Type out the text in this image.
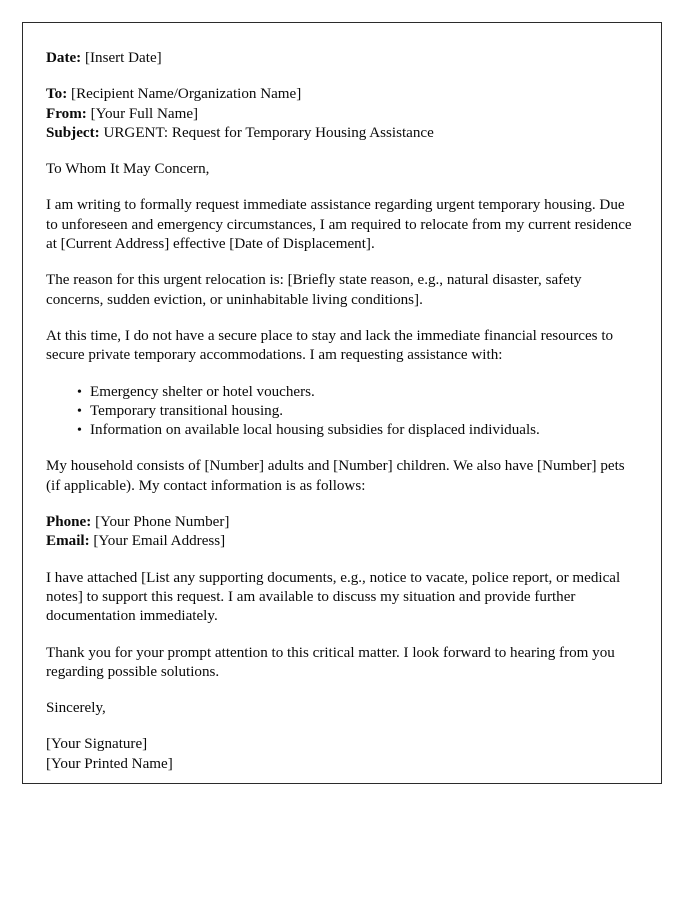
Date: [Insert Date]
To: [Recipient Name/Organization Name]
From: [Your Full Name]
Subject: URGENT: Request for Temporary Housing Assistance

To Whom It May Concern,

I am writing to formally request immediate assistance regarding urgent temporary housing. Due to unforeseen and emergency circumstances, I am required to relocate from my current residence at [Current Address] effective [Date of Displacement].

The reason for this urgent relocation is: [Briefly state reason, e.g., natural disaster, safety concerns, sudden eviction, or uninhabitable living conditions].

At this time, I do not have a secure place to stay and lack the immediate financial resources to secure private temporary accommodations. I am requesting assistance with:

• Emergency shelter or hotel vouchers.
• Temporary transitional housing.
• Information on available local housing subsidies for displaced individuals.

My household consists of [Number] adults and [Number] children. We also have [Number] pets (if applicable). My contact information is as follows:

Phone: [Your Phone Number]
Email: [Your Email Address]

I have attached [List any supporting documents, e.g., notice to vacate, police report, or medical notes] to support this request. I am available to discuss my situation and provide further documentation immediately.

Thank you for your prompt attention to this critical matter. I look forward to hearing from you regarding possible solutions.

Sincerely,

[Your Signature]
[Your Printed Name]
